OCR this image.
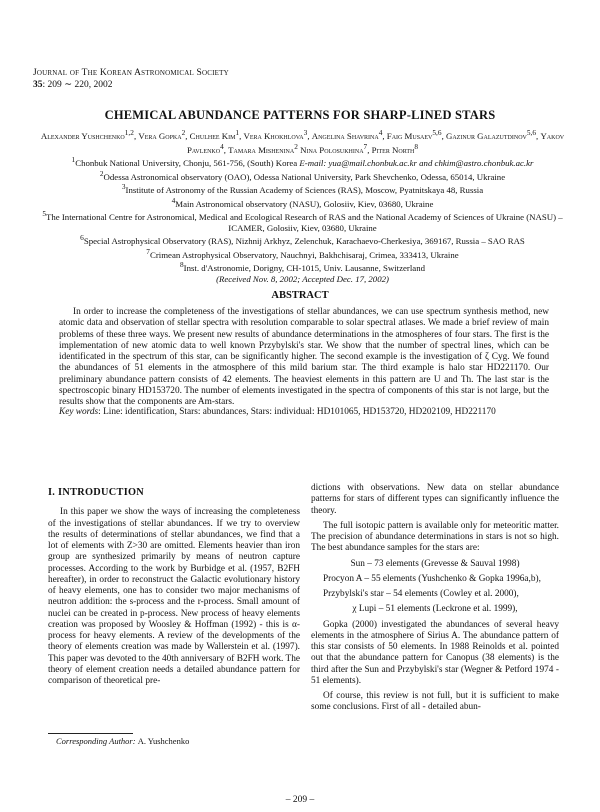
Journal of The Korean Astronomical Society
35: 209 ∼ 220, 2002
CHEMICAL ABUNDANCE PATTERNS FOR SHARP-LINED STARS

Alexander Yushchenko$^{1,2}$, Vera Gopka$^2$, Chulhee Kim$^1$, Vera Khokhlova$^3$, Angelina Shavrina$^4$, Faig Musaev$^{5,6}$, Gazinur Galazutdinov$^{5,6}$, Yakov Pavlenko$^4$, Tamara Mishenina$^2$ Nina Polosukhina$^7$, Piter North$^8$

$^1$Chonbuk National University, Chonju, 561-756, (South) Korea E-mail: yua@mail.chonbuk.ac.kr and chkim@astro.chonbuk.ac.kr

$^2$Odessa Astronomical observatory (OAO), Odessa National University, Park Shevchenko, Odessa, 65014, Ukraine

$^3$Institute of Astronomy of the Russian Academy of Sciences (RAS), Moscow, Pyatnitskaya 48, Russia

$^4$Main Astronomical observatory (NASU), Golosiiv, Kiev, 03680, Ukraine

$^5$The International Centre for Astronomical, Medical and Ecological Research of RAS and the National Academy of Sciences of Ukraine (NASU) – ICAMER, Golosiiv, Kiev, 03680, Ukraine

$^6$Special Astrophysical Observatory (RAS), Nizhnij Arkhyz, Zelenchuk, Karachaevo-Cherkesiya, 369167, Russia – SAO RAS

$^7$Crimean Astrophysical Observatory, Nauchnyi, Bakhchisaraj, Crimea, 333413, Ukraine

$^8$Inst. d'Astronomie, Dorigny, CH-1015, Univ. Lausanne, Switzerland

(Received Nov. 8, 2002; Accepted Dec. 17, 2002)

ABSTRACT

In order to increase the completeness of the investigations of stellar abundances, we can use spectrum synthesis method, new atomic data and observation of stellar spectra with resolution comparable to solar spectral atlases. We made a brief review of main problems of these three ways. We present new results of abundance determinations in the atmospheres of four stars. The first is the implementation of new atomic data to well known Przybylski's star. We show that the number of spectral lines, which can be identificated in the spectrum of this star, can be significantly higher. The second example is the investigation of ζ Cyg. We found the abundances of 51 elements in the atmosphere of this mild barium star. The third example is halo star HD221170. Our preliminary abundance pattern consists of 42 elements. The heaviest elements in this pattern are U and Th. The last star is the spectroscopic binary HD153720. The number of elements investigated in the spectra of components of this star is not large, but the results show that the components are Am-stars.

Key words: Line: identification, Stars: abundances, Stars: individual: HD101065, HD153720, HD202109, HD221170

I. INTRODUCTION

In this paper we show the ways of increasing the completeness of the investigations of stellar abundances. If we try to overview the results of determinations of stellar abundances, we find that a lot of elements with Z>30 are omitted. Elements heavier than iron group are synthesized primarily by means of neutron capture processes. According to the work by Burbidge et al. (1957, B2FH hereafter), in order to reconstruct the Galactic evolutionary history of heavy elements, one has to consider two major mechanisms of neutron addition: the s-process and the r-process. Small amount of nuclei can be created in p-process. New process of heavy elements creation was proposed by Woosley & Hoffman (1992) - this is α-process for heavy elements. A review of the developments of the theory of elements creation was made by Wallerstein et al. (1997). This paper was devoted to the 40th anniversary of B2FH work. The theory of element creation needs a detailed abundance pattern for comparison of theoretical pre-

dictions with observations. New data on stellar abundance patterns for stars of different types can significantly influence the theory.

The full isotopic pattern is available only for meteoritic matter. The precision of abundance determinations in stars is not so high. The best abundance samples for the stars are:

Sun – 73 elements (Grevesse & Sauval 1998)

Procyon A – 55 elements (Yushchenko & Gopka 1996a,b),

Przybylski's star – 54 elements (Cowley et al. 2000),

χ Lupi – 51 elements (Leckrone et al. 1999),

Gopka (2000) investigated the abundances of several heavy elements in the atmosphere of Sirius A. The abundance pattern of this star consists of 50 elements. In 1988 Reinolds et al. pointed out that the abundance pattern for Canopus (38 elements) is the third after the Sun and Przybylski's star (Wegner & Petford 1974 - 51 elements).

Of course, this review is not full, but it is sufficient to make some conclusions. First of all - detailed abun-

Corresponding Author: A. Yushchenko
– 209 –
